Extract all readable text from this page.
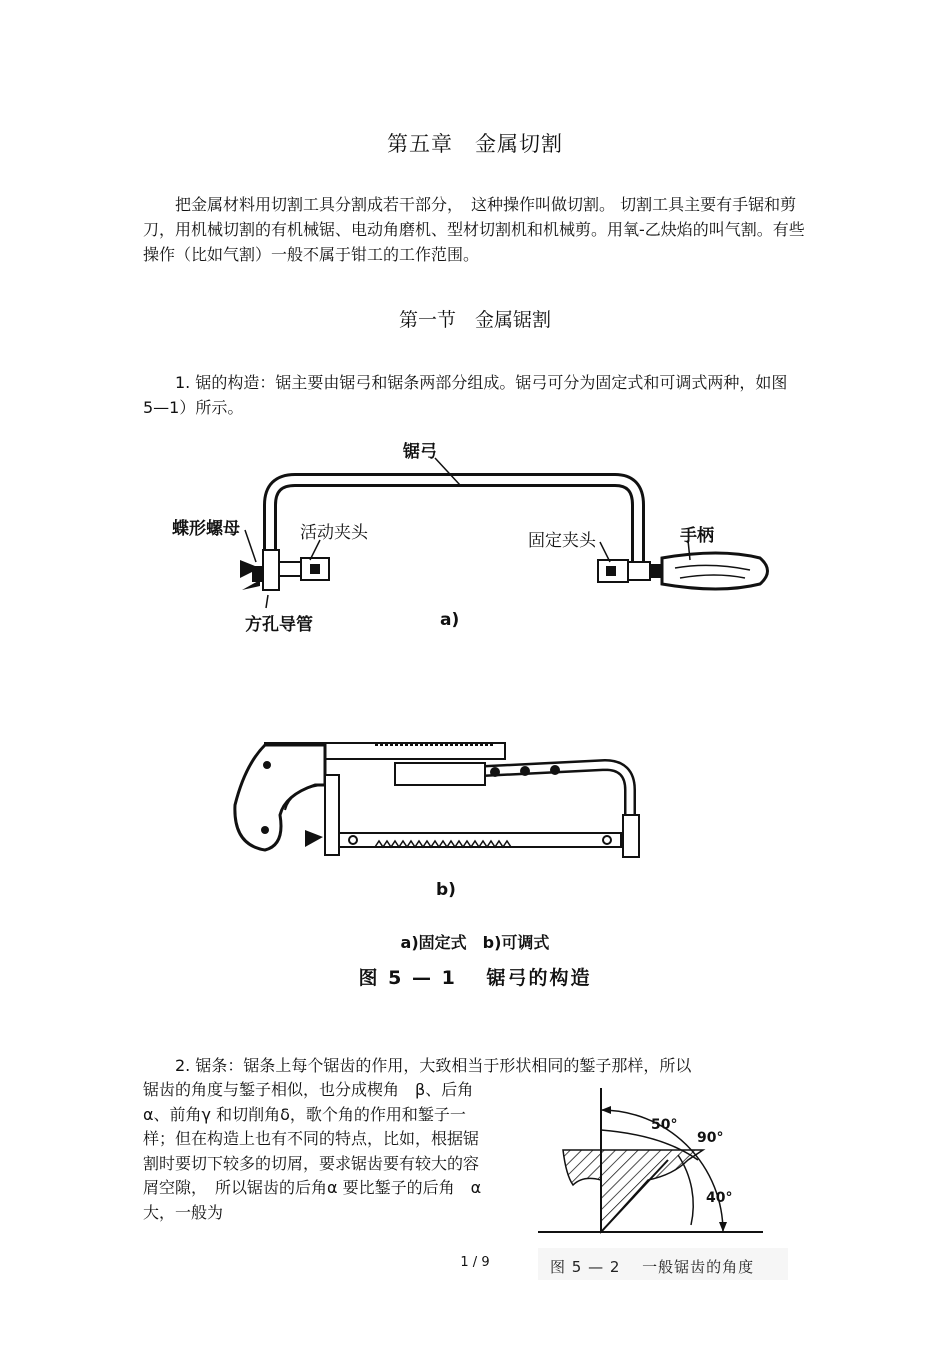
第五章　金属切割
把金属材料用切割工具分割成若干部分，　这种操作叫做切割。 切割工具主要有手锯和剪刀，用机械切割的有机械锯、电动角磨机、型材切割机和机械剪。用氧-乙炔焰的叫气割。有些操作（比如气割）一般不属于钳工的工作范围。
第一节　金属锯割
1. 锯的构造：锯主要由锯弓和锯条两部分组成。锯弓可分为固定式和可调式两种，如图　5—1）所示。
锯弓
蝶形螺母	活动夹头	固定夹头	手柄
方孔导管	a)
b)
a)固定式　b)可调式
图 5 — 1　 锯弓的构造
2. 锯条：锯条上每个锯齿的作用，大致相当于形状相同的錾子那样，所以
锯齿的角度与錾子相似，也分成楔角　β、后角α、前角γ 和切削角δ，歌个角的作用和錾子一样；但在构造上也有不同的特点，比如，根据锯割时要切下较多的切屑，要求锯齿要有较大的容屑空隙，　所以锯齿的后角α 要比錾子的后角　α 大，一般为
50°
90°
40°
图 5 — 2　 一般锯齿的角度
1 / 9
